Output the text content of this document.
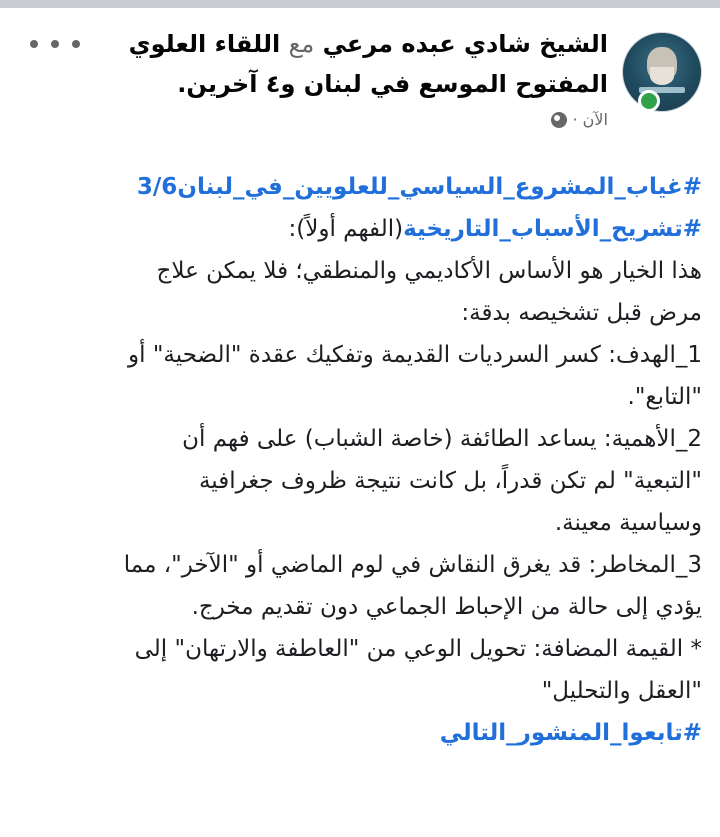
الشيخ شادي عبده مرعي مع اللقاء العلوي
المفتوح الموسع في لبنان و٤ آخرين.
الآن ·
#غياب_المشروع_السياسي_للعلويين_في_لبنان3/6
#تشريح_الأسباب_التاريخية(الفهم أولاً):
هذا الخيار هو الأساس الأكاديمي والمنطقي؛ فلا يمكن علاج
مرض قبل تشخيصه بدقة:
1_الهدف: كسر السرديات القديمة وتفكيك عقدة "الضحية" أو
"التابع".
2_الأهمية: يساعد الطائفة (خاصة الشباب) على فهم أن
"التبعية" لم تكن قدراً، بل كانت نتيجة ظروف جغرافية
وسياسية معينة.
3_المخاطر: قد يغرق النقاش في لوم الماضي أو "الآخر"، مما
يؤدي إلى حالة من الإحباط الجماعي دون تقديم مخرج.
* القيمة المضافة: تحويل الوعي من "العاطفة والارتهان" إلى
"العقل والتحليل"
#تابعوا_المنشور_التالي
